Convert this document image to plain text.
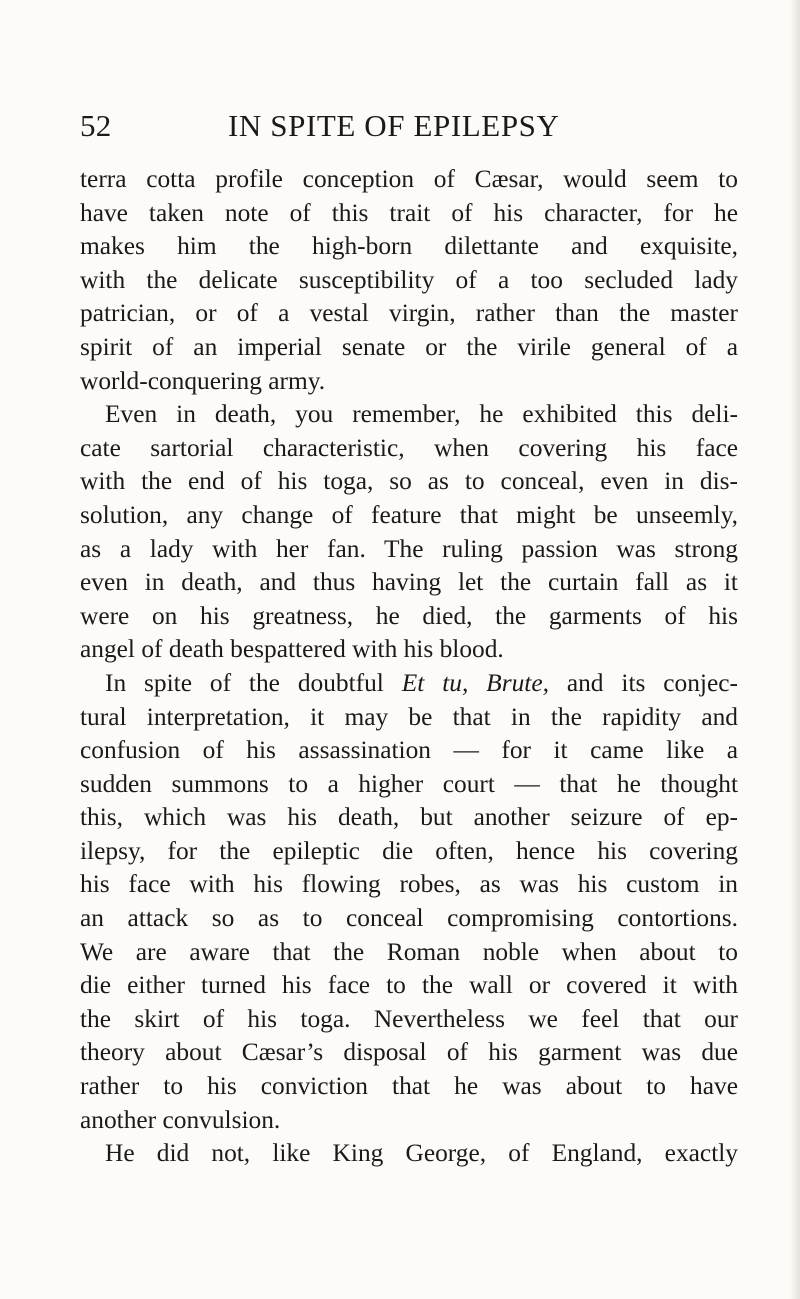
52	IN SPITE OF EPILEPSY
terra cotta profile conception of Cæsar, would seem to
have taken note of this trait of his character, for he
makes him the high-born dilettante and exquisite,
with the delicate susceptibility of a too secluded lady
patrician, or of a vestal virgin, rather than the master
spirit of an imperial senate or the virile general of a
world-conquering army.
Even in death, you remember, he exhibited this deli-
cate sartorial characteristic, when covering his face
with the end of his toga, so as to conceal, even in dis-
solution, any change of feature that might be unseemly,
as a lady with her fan. The ruling passion was strong
even in death, and thus having let the curtain fall as it
were on his greatness, he died, the garments of his
angel of death bespattered with his blood.
In spite of the doubtful Et tu, Brute, and its conjec-
tural interpretation, it may be that in the rapidity and
confusion of his assassination — for it came like a
sudden summons to a higher court — that he thought
this, which was his death, but another seizure of ep-
ilepsy, for the epileptic die often, hence his covering
his face with his flowing robes, as was his custom in
an attack so as to conceal compromising contortions.
We are aware that the Roman noble when about to
die either turned his face to the wall or covered it with
the skirt of his toga. Nevertheless we feel that our
theory about Cæsar’s disposal of his garment was due
rather to his conviction that he was about to have
another convulsion.
He did not, like King George, of England, exactly
